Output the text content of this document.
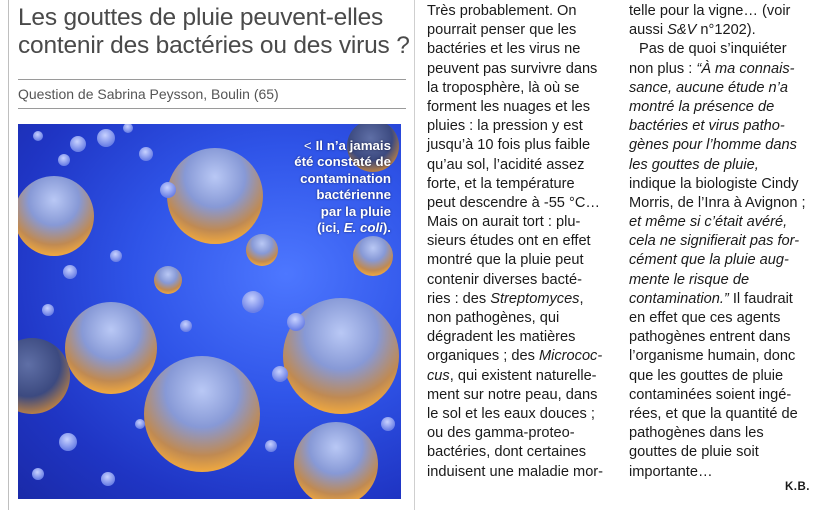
Les gouttes de pluie peuvent-elles
contenir des bactéries ou des virus ?
Question de Sabrina Peysson, Boulin (65)
< Il n’a jamais
été constaté de
contamination
bactérienne
par la pluie
(ici, E. coli).
Très probablement. On
pourrait penser que les
bactéries et les virus ne
peuvent pas survivre dans
la troposphère, là où se
forment les nuages et les
pluies : la pression y est
jusqu’à 10 fois plus faible
qu’au sol, l’acidité assez
forte, et la température
peut descendre à -55 °C…
Mais on aurait tort : plu-
sieurs études ont en effet
montré que la pluie peut
contenir diverses bacté-
ries : des Streptomyces,
non pathogènes, qui
dégradent les matières
organiques ; des Micrococ-
cus, qui existent naturelle-
ment sur notre peau, dans
le sol et les eaux douces ;
ou des gamma-proteo-
bactéries, dont certaines
induisent une maladie mor-
telle pour la vigne… (voir
aussi S&V n°1202).
Pas de quoi s’inquiéter
non plus : “À ma connais-
sance, aucune étude n’a
montré la présence de
bactéries et virus patho-
gènes pour l’homme dans
les gouttes de pluie,
indique la biologiste Cindy
Morris, de l’Inra à Avignon ;
et même si c’était avéré,
cela ne signifierait pas for-
cément que la pluie aug-
mente le risque de
contamination.” Il faudrait
en effet que ces agents
pathogènes entrent dans
l’organisme humain, donc
que les gouttes de pluie
contaminées soient ingé-
rées, et que la quantité de
pathogènes dans les
gouttes de pluie soit
importante…
K.B.
